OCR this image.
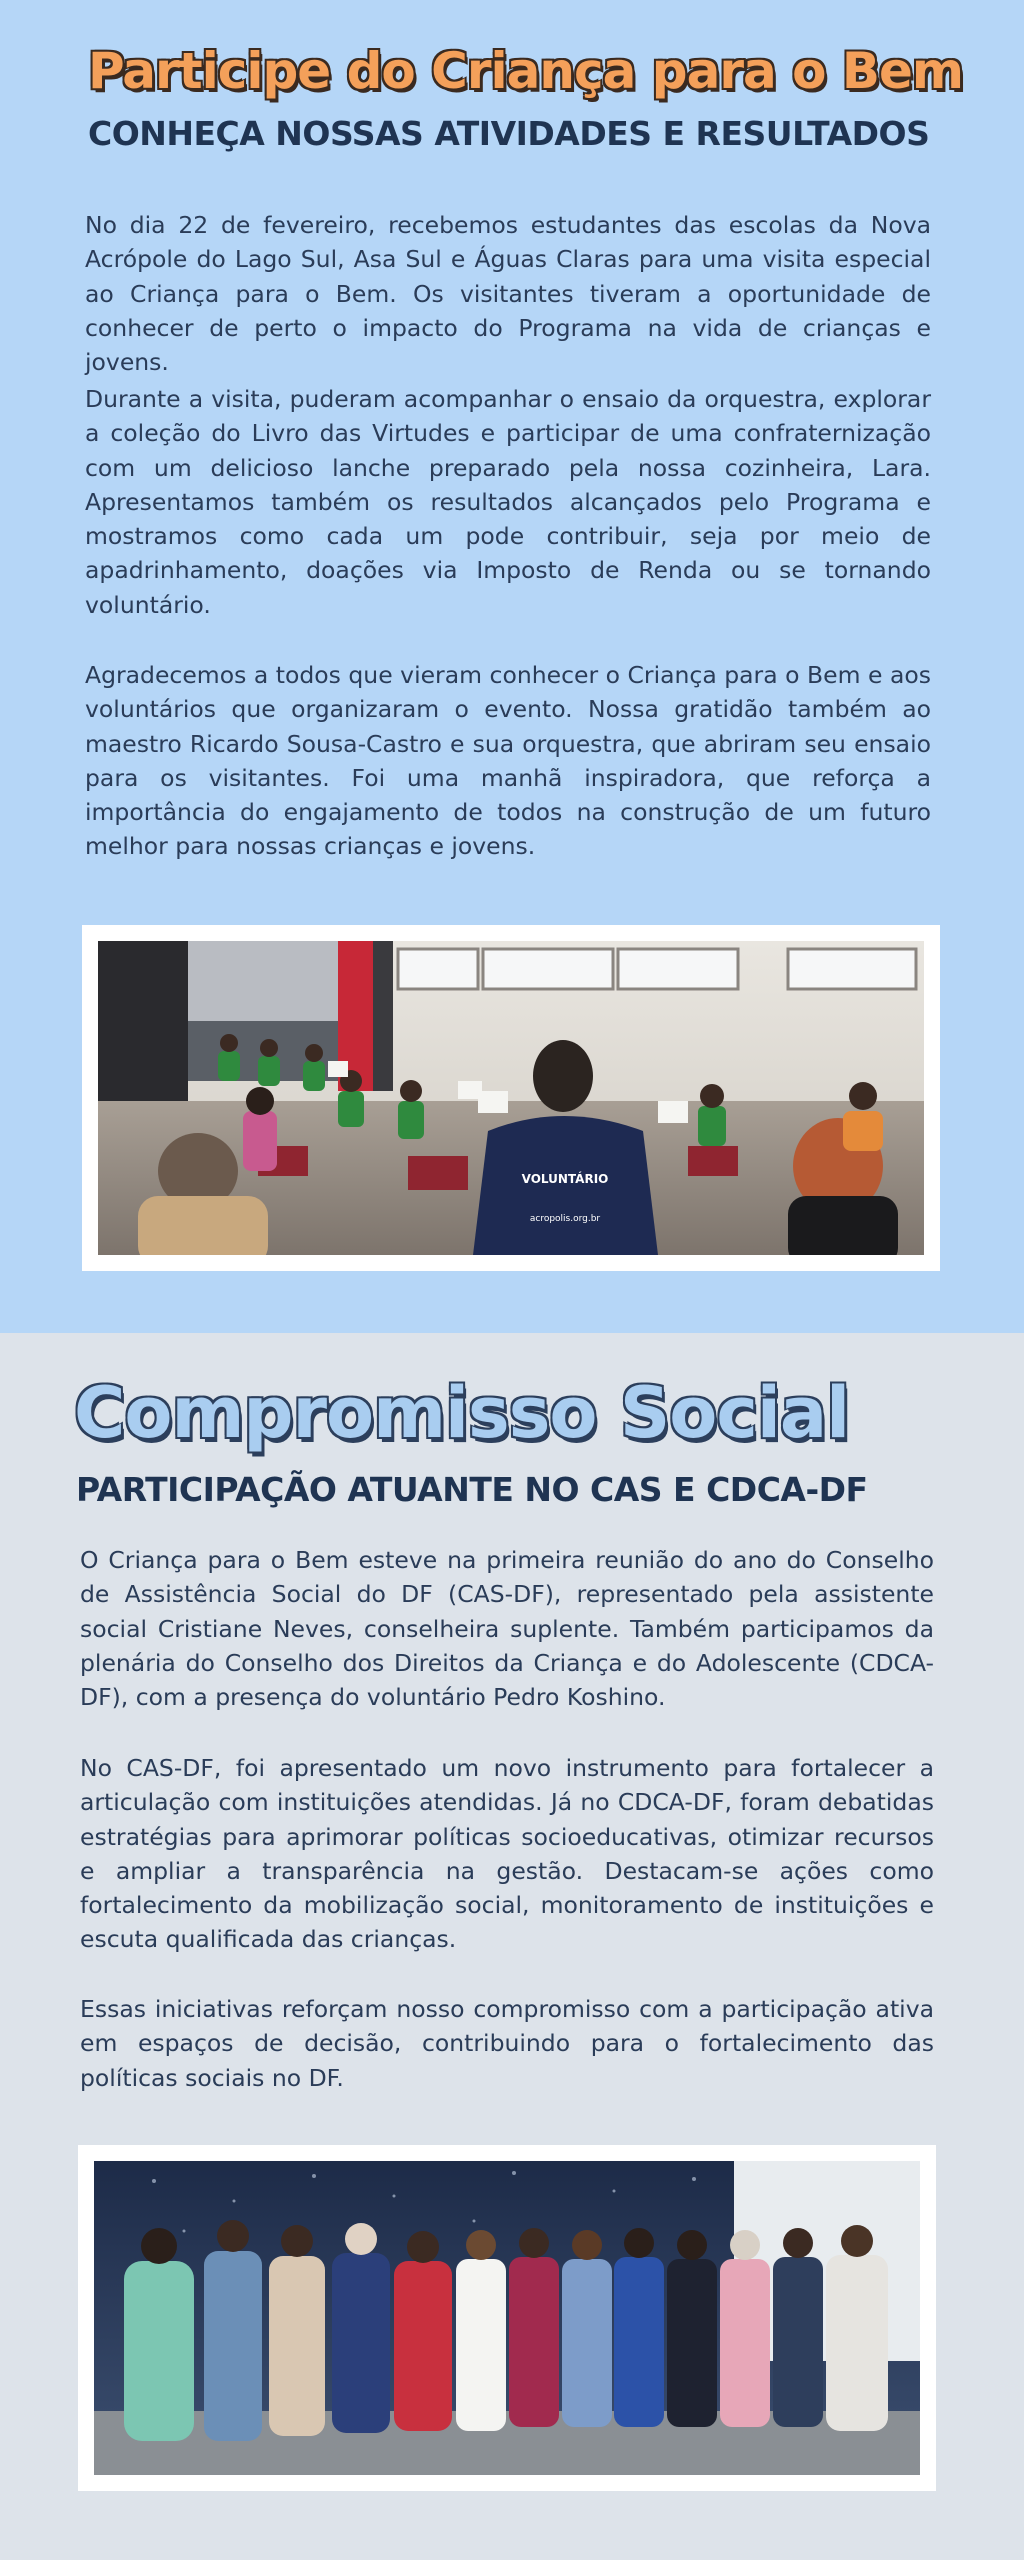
Participe do Criança para o Bem
CONHEÇA NOSSAS ATIVIDADES E RESULTADOS

No dia 22 de fevereiro, recebemos estudantes das escolas da Nova Acrópole do Lago Sul, Asa Sul e Águas Claras para uma visita especial ao Criança para o Bem. Os visitantes tiveram a oportunidade de conhecer de perto o impacto do Programa na vida de crianças e jovens.

Durante a visita, puderam acompanhar o ensaio da orquestra, explorar a coleção do Livro das Virtudes e participar de uma confraternização com um delicioso lanche preparado pela nossa cozinheira, Lara. Apresentamos também os resultados alcançados pelo Programa e mostramos como cada um pode contribuir, seja por meio de apadrinhamento, doações via Imposto de Renda ou se tornando voluntário.

Agradecemos a todos que vieram conhecer o Criança para o Bem e aos voluntários que organizaram o evento. Nossa gratidão também ao maestro Ricardo Sousa-Castro e sua orquestra, que abriram seu ensaio para os visitantes. Foi uma manhã inspiradora, que reforça a importância do engajamento de todos na construção de um futuro melhor para nossas crianças e jovens.

VOLUNTÁRIO
acropolis.org.br
Compromisso Social
PARTICIPAÇÃO ATUANTE NO CAS E CDCA-DF

O Criança para o Bem esteve na primeira reunião do ano do Conselho de Assistência Social do DF (CAS-DF), representado pela assistente social Cristiane Neves, conselheira suplente. Também participamos da plenária do Conselho dos Direitos da Criança e do Adolescente (CDCA-DF), com a presença do voluntário Pedro Koshino.

No CAS-DF, foi apresentado um novo instrumento para fortalecer a articulação com instituições atendidas. Já no CDCA-DF, foram debatidas estratégias para aprimorar políticas socioeducativas, otimizar recursos e ampliar a transparência na gestão. Destacam-se ações como fortalecimento da mobilização social, monitoramento de instituições e escuta qualificada das crianças.

Essas iniciativas reforçam nosso compromisso com a participação ativa em espaços de decisão, contribuindo para o fortalecimento das políticas sociais no DF.
